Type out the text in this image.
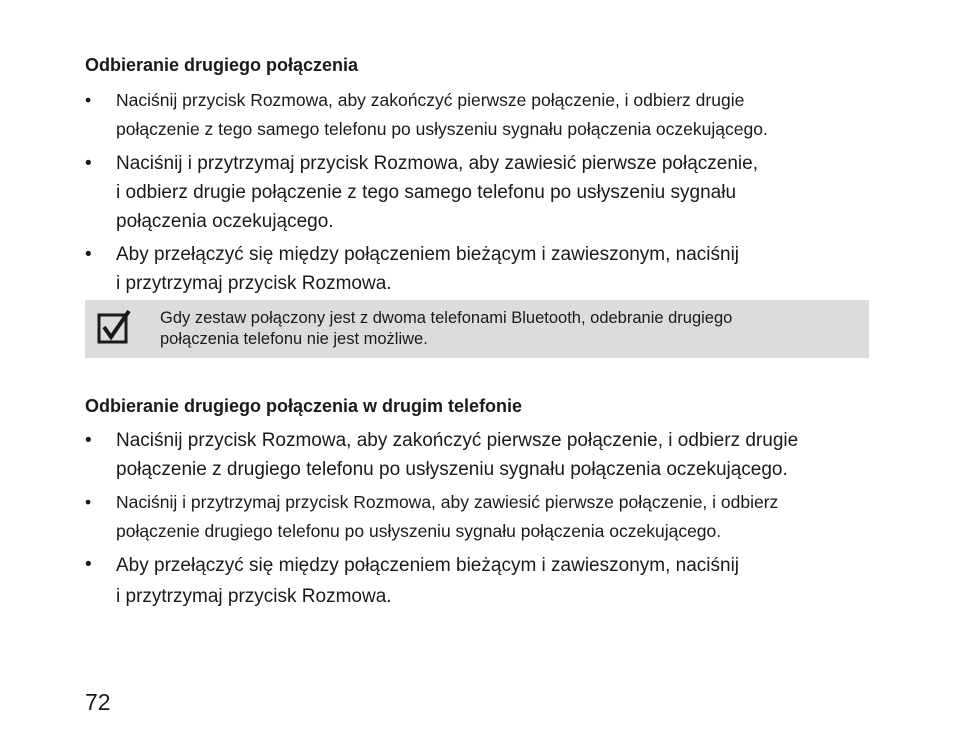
Odbieranie drugiego połączenia
• Naciśnij przycisk Rozmowa, aby zakończyć pierwsze połączenie, i odbierz drugie
połączenie z tego samego telefonu po usłyszeniu sygnału połączenia oczekującego.
• Naciśnij i przytrzymaj przycisk Rozmowa, aby zawiesić pierwsze połączenie,
i odbierz drugie połączenie z tego samego telefonu po usłyszeniu sygnału
połączenia oczekującego.
• Aby przełączyć się między połączeniem bieżącym i zawieszonym, naciśnij
i przytrzymaj przycisk Rozmowa.
Gdy zestaw połączony jest z dwoma telefonami Bluetooth, odebranie drugiego
połączenia telefonu nie jest możliwe.
Odbieranie drugiego połączenia w drugim telefonie
• Naciśnij przycisk Rozmowa, aby zakończyć pierwsze połączenie, i odbierz drugie
połączenie z drugiego telefonu po usłyszeniu sygnału połączenia oczekującego.
• Naciśnij i przytrzymaj przycisk Rozmowa, aby zawiesić pierwsze połączenie, i odbierz
połączenie drugiego telefonu po usłyszeniu sygnału połączenia oczekującego.
• Aby przełączyć się między połączeniem bieżącym i zawieszonym, naciśnij
i przytrzymaj przycisk Rozmowa.
72
